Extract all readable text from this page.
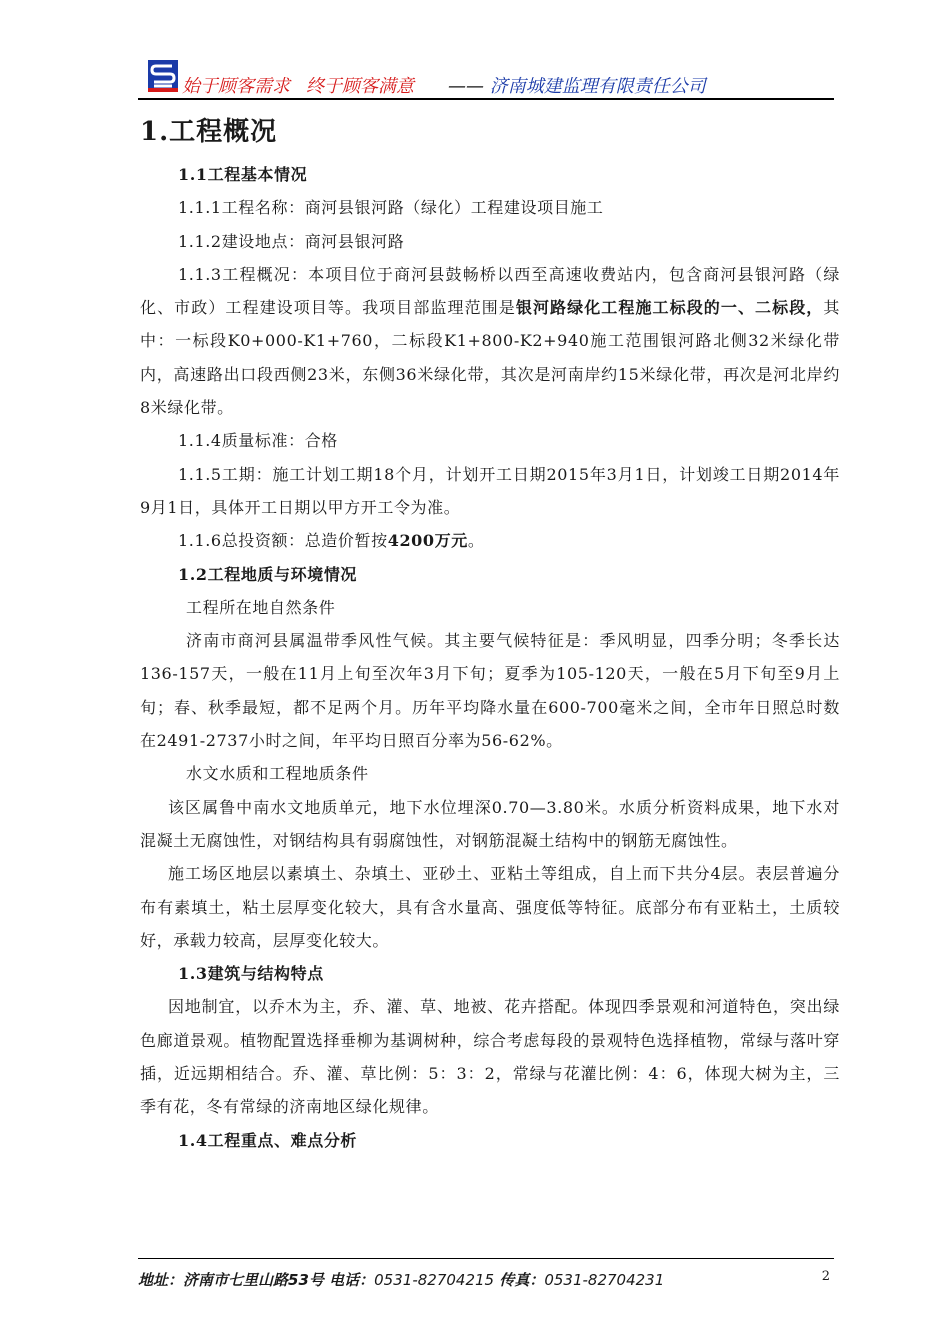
始于顾客需求 终于顾客满意 —— 济南城建监理有限责任公司
1.工程概况

1.1工程基本情况

1.1.1工程名称：商河县银河路（绿化）工程建设项目施工

1.1.2建设地点：商河县银河路

1.1.3工程概况：本项目位于商河县鼓畅桥以西至高速收费站内，包含商河县银河路（绿化、市政）工程建设项目等。我项目部监理范围是银河路绿化工程施工标段的一、二标段，其中：一标段K0+000-K1+760，二标段K1+800-K2+940施工范围银河路北侧32米绿化带内，高速路出口段西侧23米，东侧36米绿化带，其次是河南岸约15米绿化带，再次是河北岸约8米绿化带。

1.1.4质量标准：合格

1.1.5工期：施工计划工期18个月，计划开工日期2015年3月1日，计划竣工日期2014年9月1日，具体开工日期以甲方开工令为准。

1.1.6总投资额：总造价暂按4200万元。

1.2工程地质与环境情况

工程所在地自然条件

济南市商河县属温带季风性气候。其主要气候特征是：季风明显，四季分明；冬季长达136-157天，一般在11月上旬至次年3月下旬；夏季为105-120天，一般在5月下旬至9月上旬；春、秋季最短，都不足两个月。历年平均降水量在600-700毫米之间，全市年日照总时数在2491-2737小时之间，年平均日照百分率为56-62%。

水文水质和工程地质条件

该区属鲁中南水文地质单元，地下水位埋深0.70—3.80米。水质分析资料成果，地下水对混凝土无腐蚀性，对钢结构具有弱腐蚀性，对钢筋混凝土结构中的钢筋无腐蚀性。

施工场区地层以素填土、杂填土、亚砂土、亚粘土等组成，自上而下共分4层。表层普遍分布有素填土，粘土层厚变化较大，具有含水量高、强度低等特征。底部分布有亚粘土，土质较好，承载力较高，层厚变化较大。

1.3建筑与结构特点

因地制宜，以乔木为主，乔、灌、草、地被、花卉搭配。体现四季景观和河道特色，突出绿色廊道景观。植物配置选择垂柳为基调树种，综合考虑每段的景观特色选择植物，常绿与落叶穿插，近远期相结合。乔、灌、草比例：5：3：2，常绿与花灌比例：4：6，体现大树为主，三季有花，冬有常绿的济南地区绿化规律。

1.4工程重点、难点分析

地址：济南市七里山路53号 电话：0531-82704215 传真：0531-82704231	2
